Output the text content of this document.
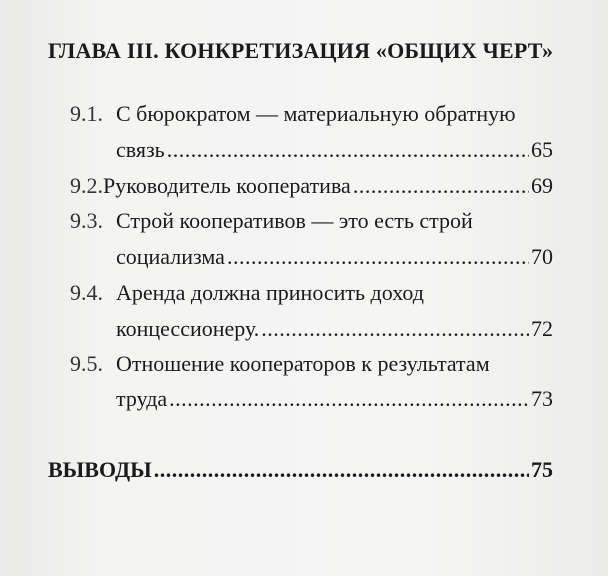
ГЛАВА III. КОНКРЕТИЗАЦИЯ «ОБЩИХ ЧЕРТ»
9.1. С бюрократом — материальную обратную
связь .....	65
9.2. Руководитель кооператива .....	69
9.3. Строй кооперативов — это есть строй
социализма .....	70
9.4. Аренда должна приносить доход
концессионеру. .....	72
9.5. Отношение кооператоров к результатам
труда .....	73
ВЫВОДЫ .....	75
